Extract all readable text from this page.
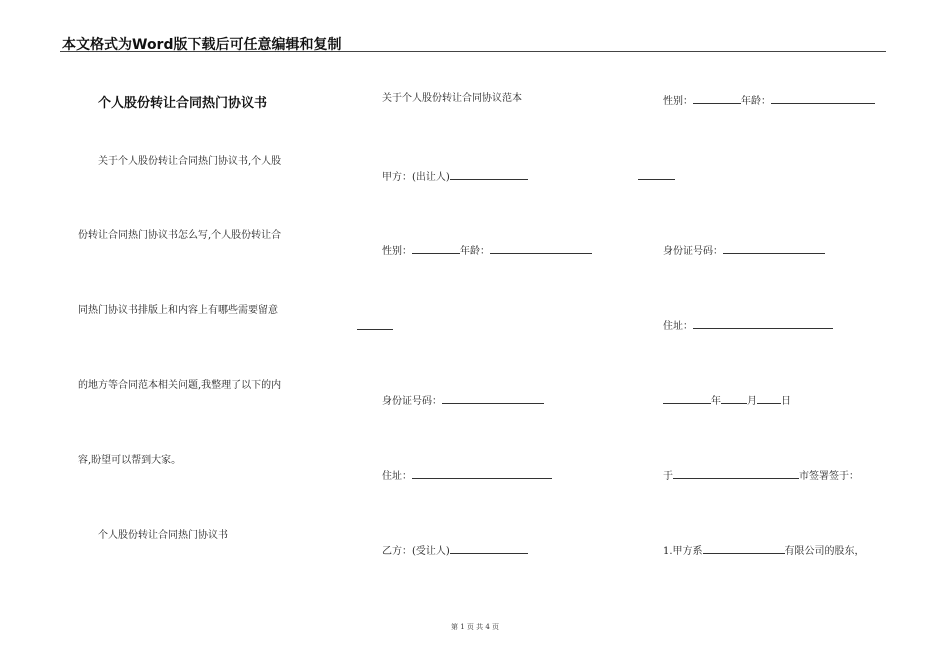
本文格式为Word版下载后可任意编辑和复制
个人股份转让合同热门协议书
关于个人股份转让合同热门协议书,个人股
份转让合同热门协议书怎么写,个人股份转让合
同热门协议书排版上和内容上有哪些需要留意
的地方等合同范本相关问题,我整理了以下的内
容,盼望可以帮到大家。
个人股份转让合同热门协议书
关于个人股份转让合同协议范本
甲方：(出让人)
性别：	年龄：
身份证号码：
住址：
乙方：(受让人)
性别：	年龄：
身份证号码：
住址：
年	月 日
于	市签署签于：
1.甲方系	有限公司的股东，
第 1 页 共 4 页
